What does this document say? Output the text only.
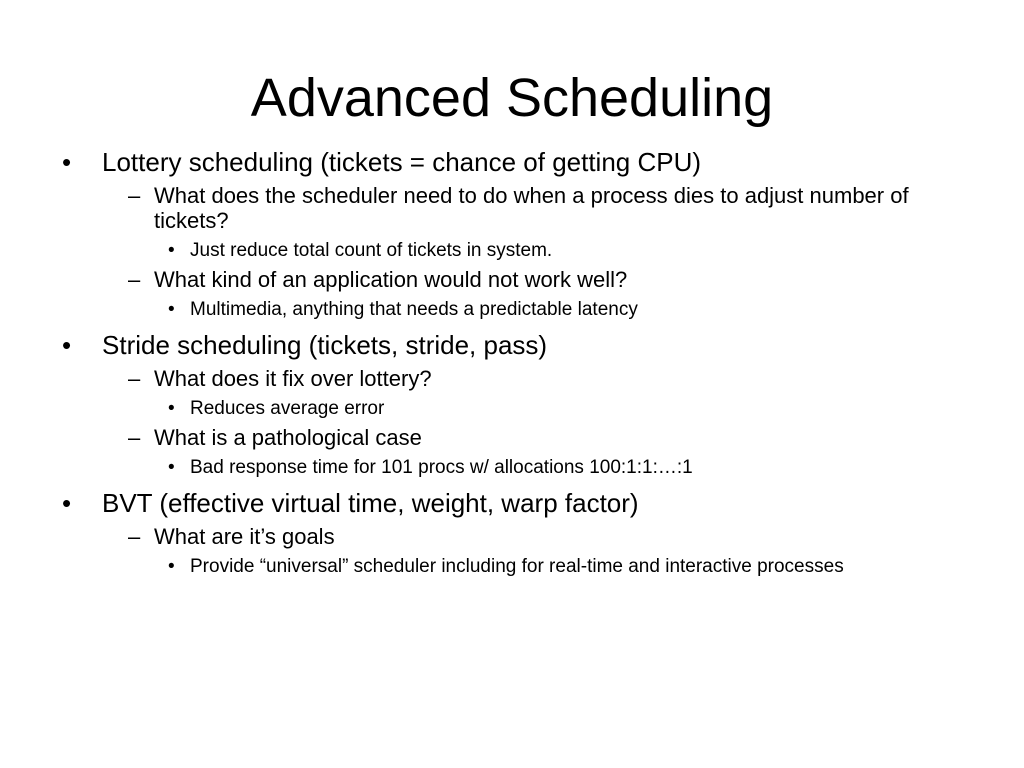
Advanced Scheduling
•	Lottery scheduling (tickets = chance of getting CPU)
– What does the scheduler need to do when a process dies to adjust number of tickets?
• Just reduce total count of tickets in system.
– What kind of an application would not work well?
• Multimedia, anything that needs a predictable latency
•	Stride scheduling (tickets, stride, pass)
– What does it fix over lottery?
• Reduces average error
– What is a pathological case
• Bad response time for 101 procs w/ allocations 100:1:1:…:1
•	BVT (effective virtual time, weight, warp factor)
– What are it’s goals
• Provide “universal” scheduler including for real-time and interactive processes
